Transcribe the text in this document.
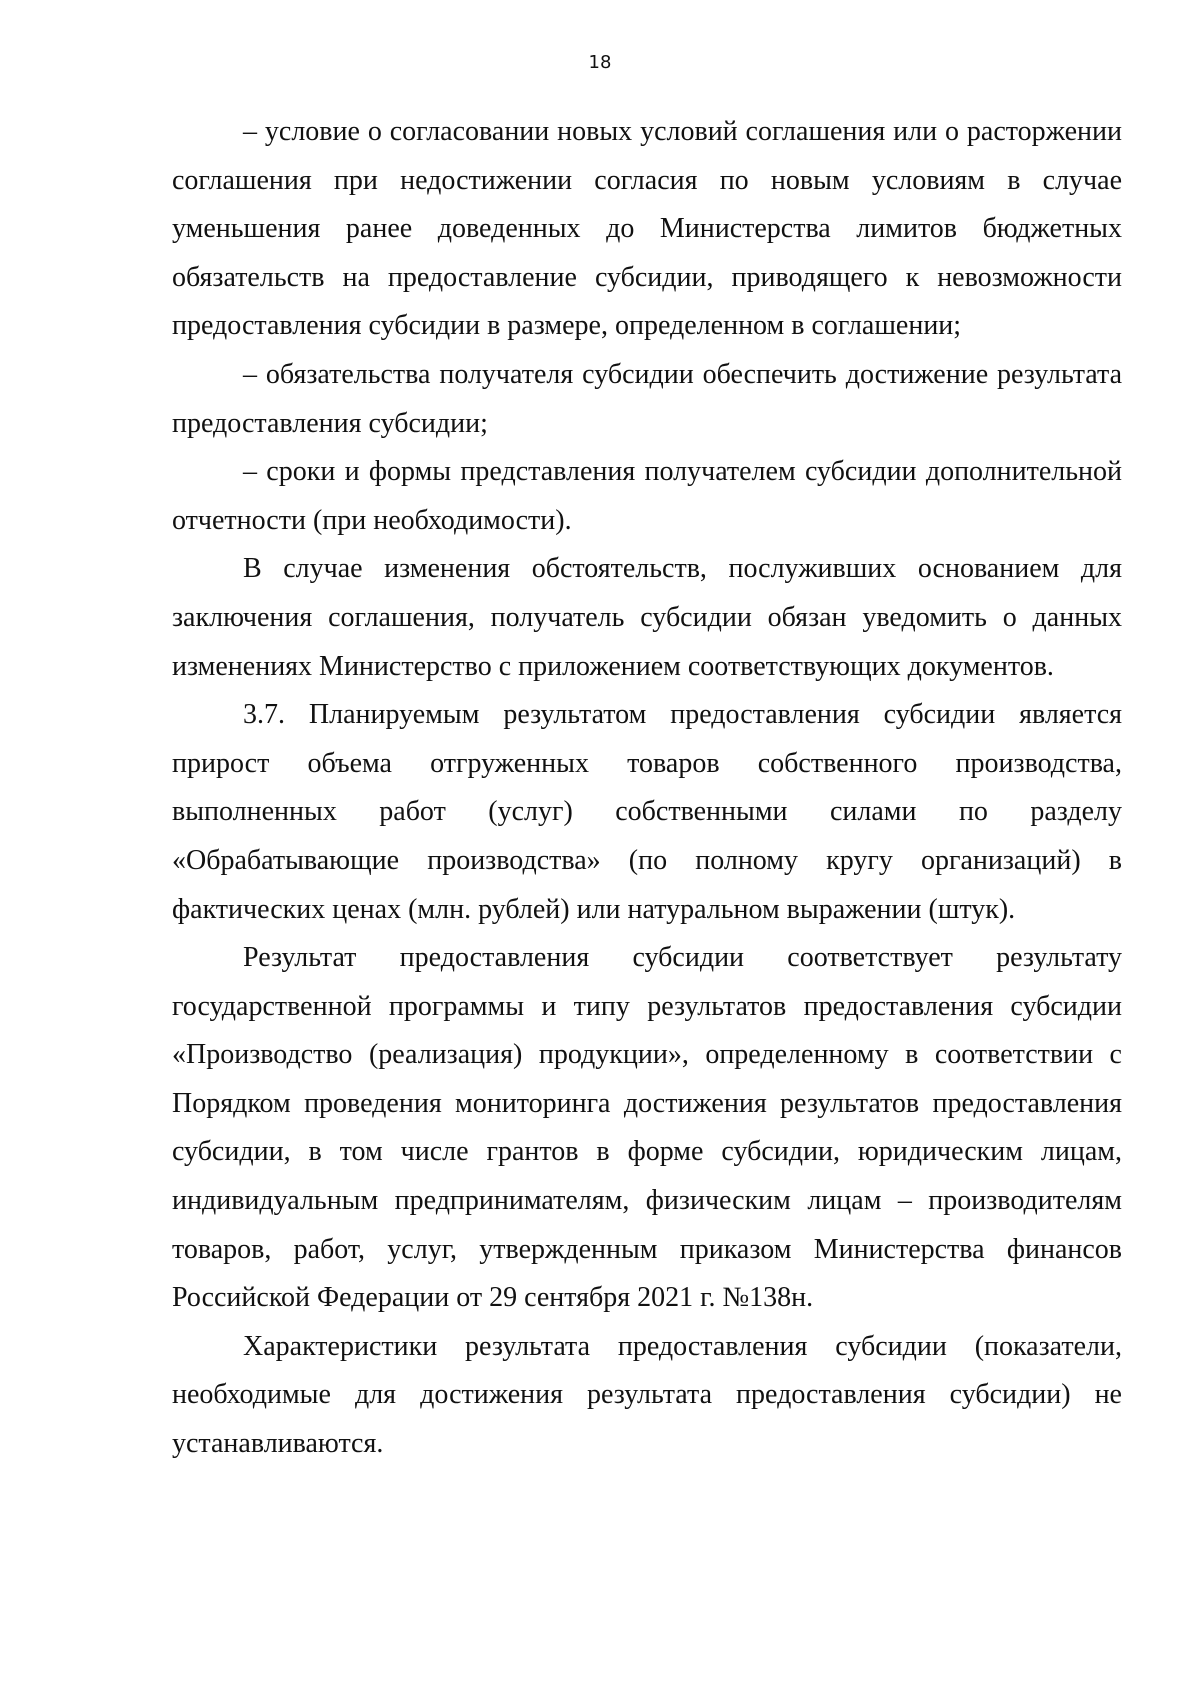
18

– условие о согласовании новых условий соглашения или о расторжении соглашения при недостижении согласия по новым условиям в случае уменьшения ранее доведенных до Министерства лимитов бюджетных обязательств на предоставление субсидии, приводящего к невозможности предоставления субсидии в размере, определенном в соглашении;

– обязательства получателя субсидии обеспечить достижение результата предоставления субсидии;

– сроки и формы представления получателем субсидии дополнительной отчетности (при необходимости).

В случае изменения обстоятельств, послуживших основанием для заключения соглашения, получатель субсидии обязан уведомить о данных изменениях Министерство с приложением соответствующих документов.

3.7. Планируемым результатом предоставления субсидии является прирост объема отгруженных товаров собственного производства, выполненных работ (услуг) собственными силами по разделу «Обрабатывающие производства» (по полному кругу организаций) в фактических ценах (млн. рублей) или натуральном выражении (штук).

Результат предоставления субсидии соответствует результату государственной программы и типу результатов предоставления субсидии «Производство (реализация) продукции», определенному в соответствии с Порядком проведения мониторинга достижения результатов предоставления субсидии, в том числе грантов в форме субсидии, юридическим лицам, индивидуальным предпринимателям, физическим лицам – производителям товаров, работ, услуг, утвержденным приказом Министерства финансов Российской Федерации от 29 сентября 2021 г. №138н.

Характеристики результата предоставления субсидии (показатели, необходимые для достижения результата предоставления субсидии) не устанавливаются.
